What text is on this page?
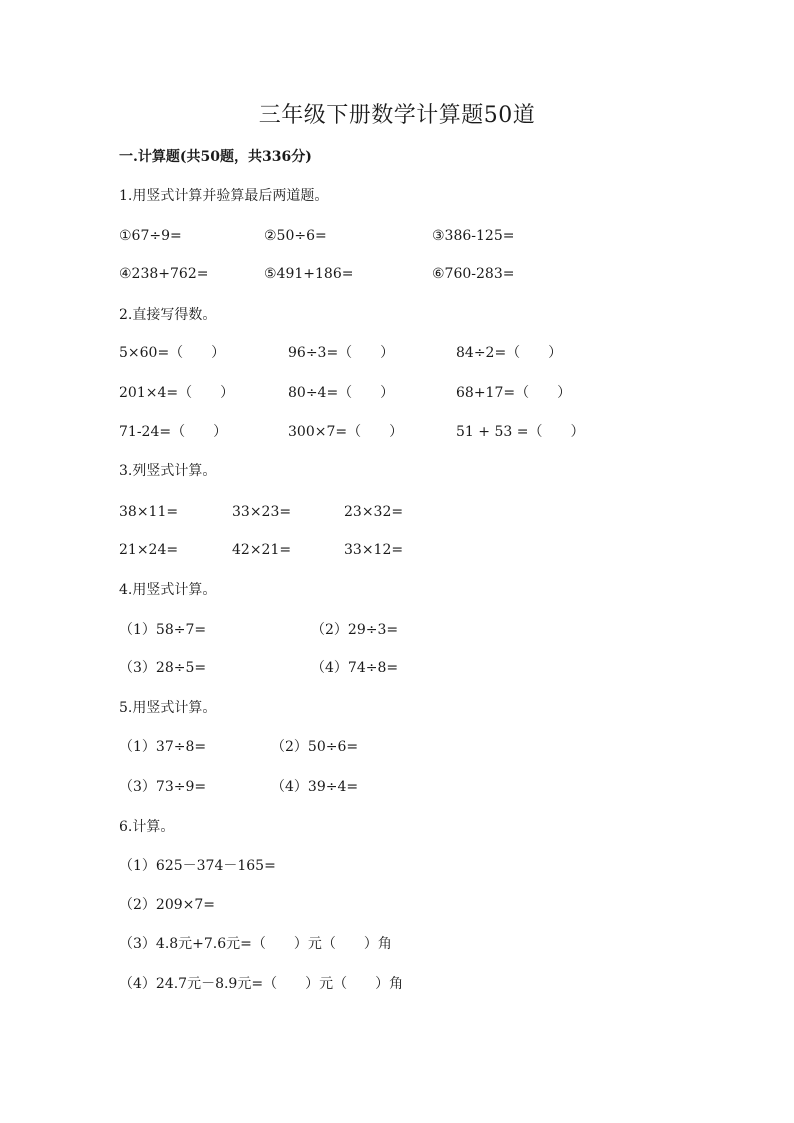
三年级下册数学计算题50道
一.计算题(共50题，共336分)
1.用竖式计算并验算最后两道题。
①67÷9=	②50÷6=	③386-125=
④238+762=	⑤491+186=	⑥760-283=
2.直接写得数。
5×60=（　　）	96÷3=（　　）	84÷2=（　　）
201×4=（　　）	80÷4=（　　）	68+17=（　　）
71-24=（　　）	300×7=（　　）	51 + 53 =（　　）
3.列竖式计算。
38×11=	33×23=	23×32=
21×24=	42×21=	33×12=
4.用竖式计算。
（1）58÷7=	（2）29÷3=
（3）28÷5=	（4）74÷8=
5.用竖式计算。
（1）37÷8=	（2）50÷6=
（3）73÷9=	（4）39÷4=
6.计算。
（1）625－374－165=
（2）209×7=
（3）4.8元+7.6元=（　　）元（　　）角
（4）24.7元－8.9元=（　　）元（　　）角
